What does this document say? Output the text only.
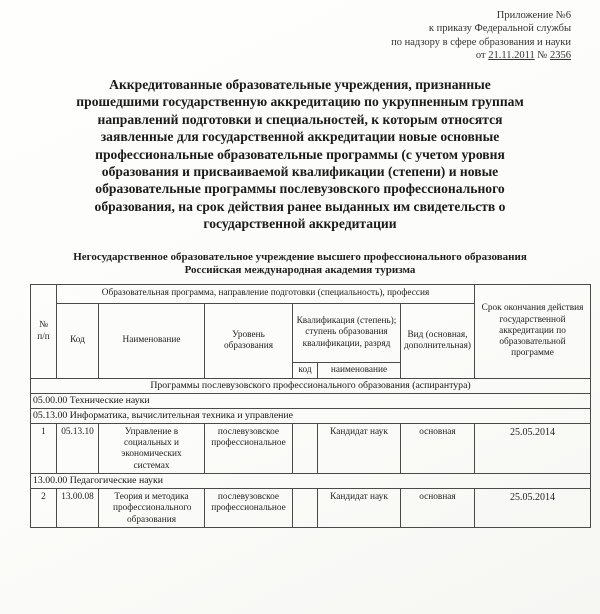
Приложение №6
к приказу Федеральной службы
по надзору в сфере образования и науки
от 21.11.2011 № 2356
Аккредитованные образовательные учреждения, признанные
прошедшими государственную аккредитацию по укрупненным группам
направлений подготовки и специальностей, к которым относятся
заявленные для государственной аккредитации новые основные
профессиональные образовательные программы (с учетом уровня
образования и присваиваемой квалификации (степени) и новые
образовательные программы послевузовского профессионального
образования, на срок действия ранее выданных им свидетельств о
государственной аккредитации
Негосударственное образовательное учреждение высшего профессионального образования
Российская международная академия туризма
№
п/п	Образовательная программа, направление подготовки (специальность), профессия						Срок окончания действия государственной аккредитации по образовательной программе
	Код	Наименование	Уровень образования	Квалификация (степень); ступень образования квалификации, разряд		Вид (основная, дополнительная)	
				код	наименование		
Программы послевузовского профессионального образования (аспирантура)							
05.00.00 Технические науки							
05.13.00 Информатика, вычислительная техника и управление							
1	05.13.10	Управление в социальных и экономических системах	послевузовское профессиональное		Кандидат наук	основная	25.05.2014
13.00.00 Педагогические науки							
2	13.00.08	Теория и методика профессионального образования	послевузовское профессиональное		Кандидат наук	основная	25.05.2014
